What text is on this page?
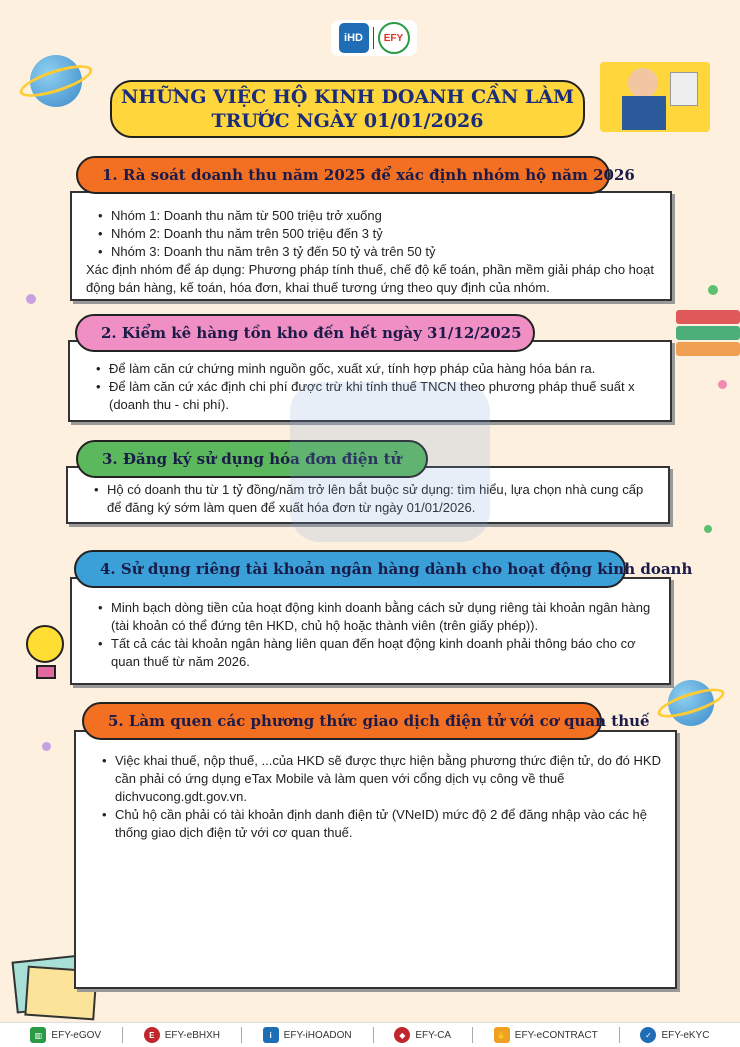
iHD	EFY
NHỮNG VIỆC HỘ KINH DOANH CẦN LÀM
TRƯỚC NGÀY 01/01/2026
1. Rà soát doanh thu năm 2025 để xác định nhóm hộ năm 2026
• Nhóm 1: Doanh thu năm từ 500 triệu trở xuống
• Nhóm 2: Doanh thu năm trên 500 triệu đến 3 tỷ
• Nhóm 3: Doanh thu năm trên 3 tỷ đến 50 tỷ và trên 50 tỷ

Xác định nhóm để áp dụng: Phương pháp tính thuế, chế độ kế toán, phần mềm giải pháp cho hoạt động bán hàng, kế toán, hóa đơn, khai thuế tương ứng theo quy định của nhóm.

2. Kiểm kê hàng tồn kho đến hết ngày 31/12/2025
• Để làm căn cứ chứng minh nguồn gốc, xuất xứ, tính hợp pháp của hàng hóa bán ra.
• Để làm căn cứ xác định chi phí được trừ khi tính thuế TNCN theo phương pháp thuế suất x (doanh thu - chi phí).
3. Đăng ký sử dụng hóa đơn điện tử
• Hộ có doanh thu từ 1 tỷ đồng/năm trở lên bắt buộc sử dụng: tìm hiểu, lựa chọn nhà cung cấp để đăng ký sớm làm quen để xuất hóa đơn từ ngày 01/01/2026.
4. Sử dụng riêng tài khoản ngân hàng dành cho hoạt động kinh doanh
• Minh bạch dòng tiền của hoạt động kinh doanh bằng cách sử dụng riêng tài khoản ngân hàng (tài khoản có thể đứng tên HKD, chủ hộ hoặc thành viên (trên giấy phép)).
• Tất cả các tài khoản ngân hàng liên quan đến hoạt động kinh doanh phải thông báo cho cơ quan thuế từ năm 2026.
5. Làm quen các phương thức giao dịch điện tử với cơ quan thuế
• Việc khai thuế, nộp thuế, ...của HKD sẽ được thực hiện bằng phương thức điện tử, do đó HKD cần phải có ứng dụng eTax Mobile và làm quen với cổng dịch vụ công về thuế dichvucong.gdt.gov.vn.
• Chủ hộ cần phải có tài khoản định danh điện tử (VNeID) mức độ 2 để đăng nhập vào các hệ thống giao dịch điện tử với cơ quan thuế.
▥ EFY-eGOV	E	EFY-eBHXH	i	EFY-iHOADON	◆ EFY-CA	✋ EFY-eCONTRACT	✓ EFY-eKYC
